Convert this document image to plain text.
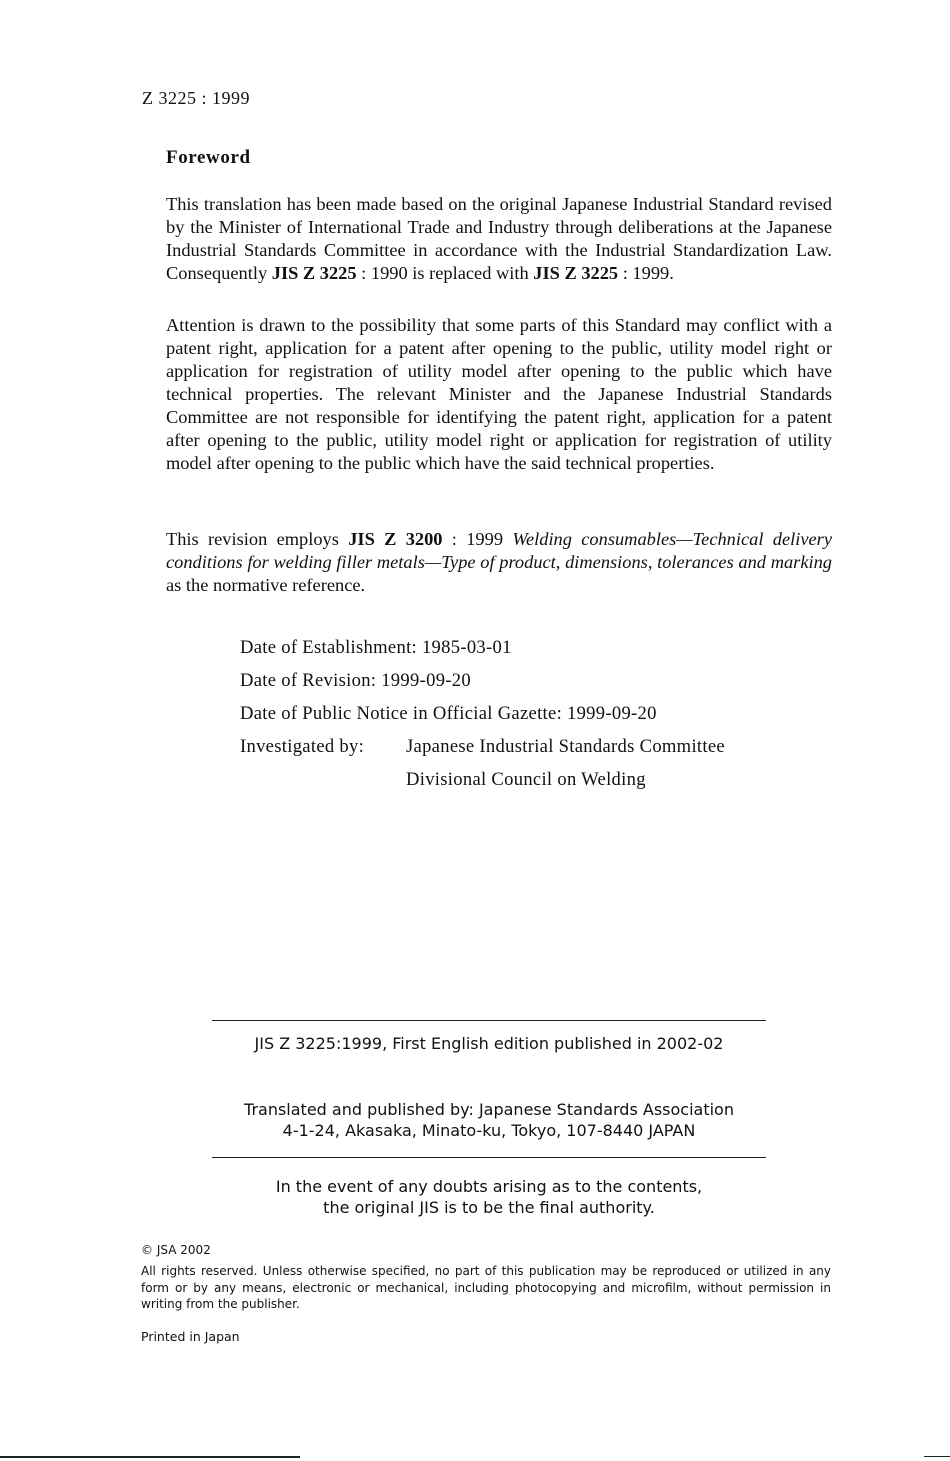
Z 3225 : 1999
Foreword
This translation has been made based on the original Japanese Industrial Standard revised by the Minister of International Trade and Industry through deliberations at the Japanese Industrial Standards Committee in accordance with the Industrial Standardization Law. Consequently JIS Z 3225 : 1990 is replaced with JIS Z 3225 : 1999.
Attention is drawn to the possibility that some parts of this Standard may conflict with a patent right, application for a patent after opening to the public, utility model right or application for registration of utility model after opening to the public which have technical properties. The relevant Minister and the Japanese Industrial Standards Committee are not responsible for identifying the patent right, application for a patent after opening to the public, utility model right or application for registration of utility model after opening to the public which have the said technical properties.
This revision employs JIS Z 3200 : 1999 Welding consumables—Technical delivery conditions for welding filler metals—Type of product, dimensions, tolerances and marking as the normative reference.
Date of Establishment: 1985-03-01
Date of Revision: 1999-09-20
Date of Public Notice in Official Gazette: 1999-09-20
Investigated by: Japanese Industrial Standards Committee
Divisional Council on Welding
JIS Z 3225:1999, First English edition published in 2002-02
Translated and published by: Japanese Standards Association
4-1-24, Akasaka, Minato-ku, Tokyo, 107-8440 JAPAN
In the event of any doubts arising as to the contents,
the original JIS is to be the final authority.
© JSA 2002
All rights reserved. Unless otherwise specified, no part of this publication may be reproduced or utilized in any form or by any means, electronic or mechanical, including photocopying and microfilm, without permission in writing from the publisher.
Printed in Japan
